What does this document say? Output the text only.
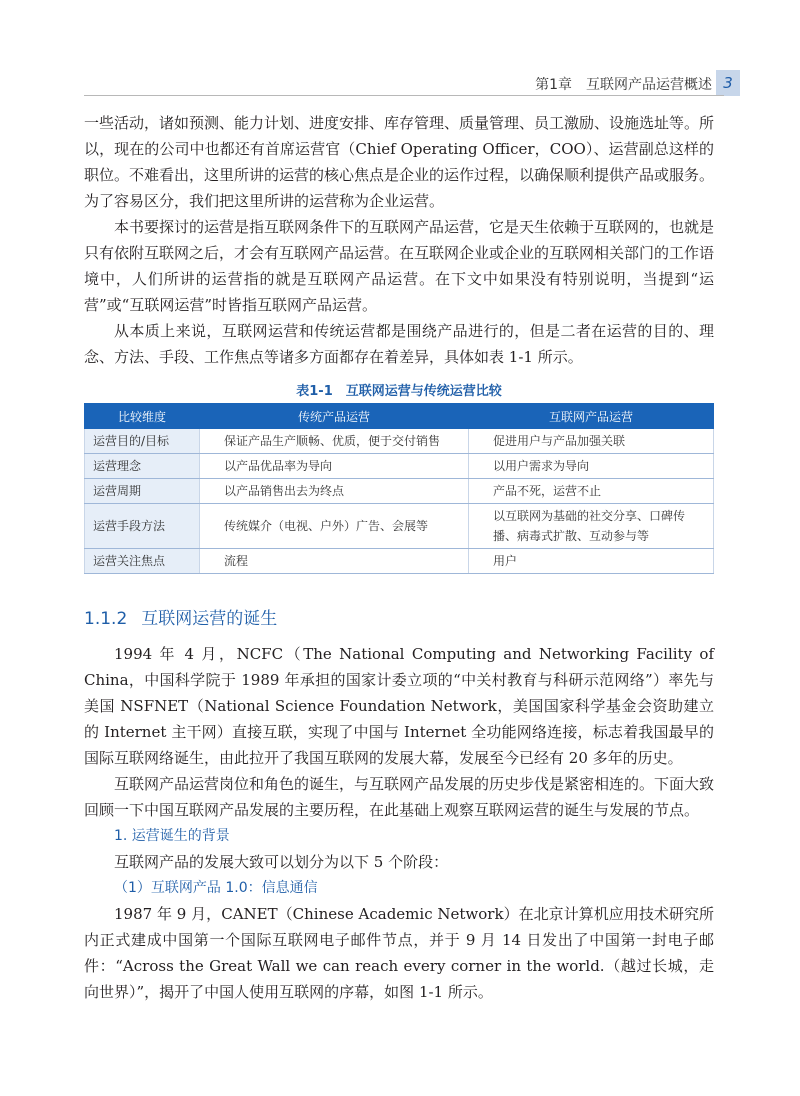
第1章　互联网产品运营概述 3

一些活动，诸如预测、能力计划、进度安排、库存管理、质量管理、员工激励、设施选址等。所以，现在的公司中也都还有首席运营官（Chief Operating Officer，COO）、运营副总这样的职位。不难看出，这里所讲的运营的核心焦点是企业的运作过程，以确保顺利提供产品或服务。为了容易区分，我们把这里所讲的运营称为企业运营。

本书要探讨的运营是指互联网条件下的互联网产品运营，它是天生依赖于互联网的，也就是只有依附互联网之后，才会有互联网产品运营。在互联网企业或企业的互联网相关部门的工作语境中，人们所讲的运营指的就是互联网产品运营。在下文中如果没有特别说明，当提到“运营”或“互联网运营”时皆指互联网产品运营。

从本质上来说，互联网运营和传统运营都是围绕产品进行的，但是二者在运营的目的、理念、方法、手段、工作焦点等诸多方面都存在着差异，具体如表 1-1 所示。

表1-1　互联网运营与传统运营比较
比较维度	传统产品运营	互联网产品运营
运营目的/目标	保证产品生产顺畅、优质，便于交付销售	促进用户与产品加强关联
运营理念	以产品优品率为导向	以用户需求为导向
运营周期	以产品销售出去为终点	产品不死，运营不止
运营手段方法	传统媒介（电视、户外）广告、会展等	以互联网为基础的社交分享、口碑传播、病毒式扩散、互动参与等
运营关注焦点	流程	用户
1.1.2 互联网运营的诞生

1994 年 4 月，NCFC（The National Computing and Networking Facility of China，中国科学院于 1989 年承担的国家计委立项的“中关村教育与科研示范网络”）率先与美国 NSFNET（National Science Foundation Network，美国国家科学基金会资助建立的 Internet 主干网）直接互联，实现了中国与 Internet 全功能网络连接，标志着我国最早的国际互联网络诞生，由此拉开了我国互联网的发展大幕，发展至今已经有 20 多年的历史。

互联网产品运营岗位和角色的诞生，与互联网产品发展的历史步伐是紧密相连的。下面大致回顾一下中国互联网产品发展的主要历程，在此基础上观察互联网运营的诞生与发展的节点。

1. 运营诞生的背景

互联网产品的发展大致可以划分为以下 5 个阶段：

（1）互联网产品 1.0：信息通信

1987 年 9 月，CANET（Chinese Academic Network）在北京计算机应用技术研究所内正式建成中国第一个国际互联网电子邮件节点，并于 9 月 14 日发出了中国第一封电子邮件：“Across the Great Wall we can reach every corner in the world.（越过长城，走向世界）”，揭开了中国人使用互联网的序幕，如图 1-1 所示。
